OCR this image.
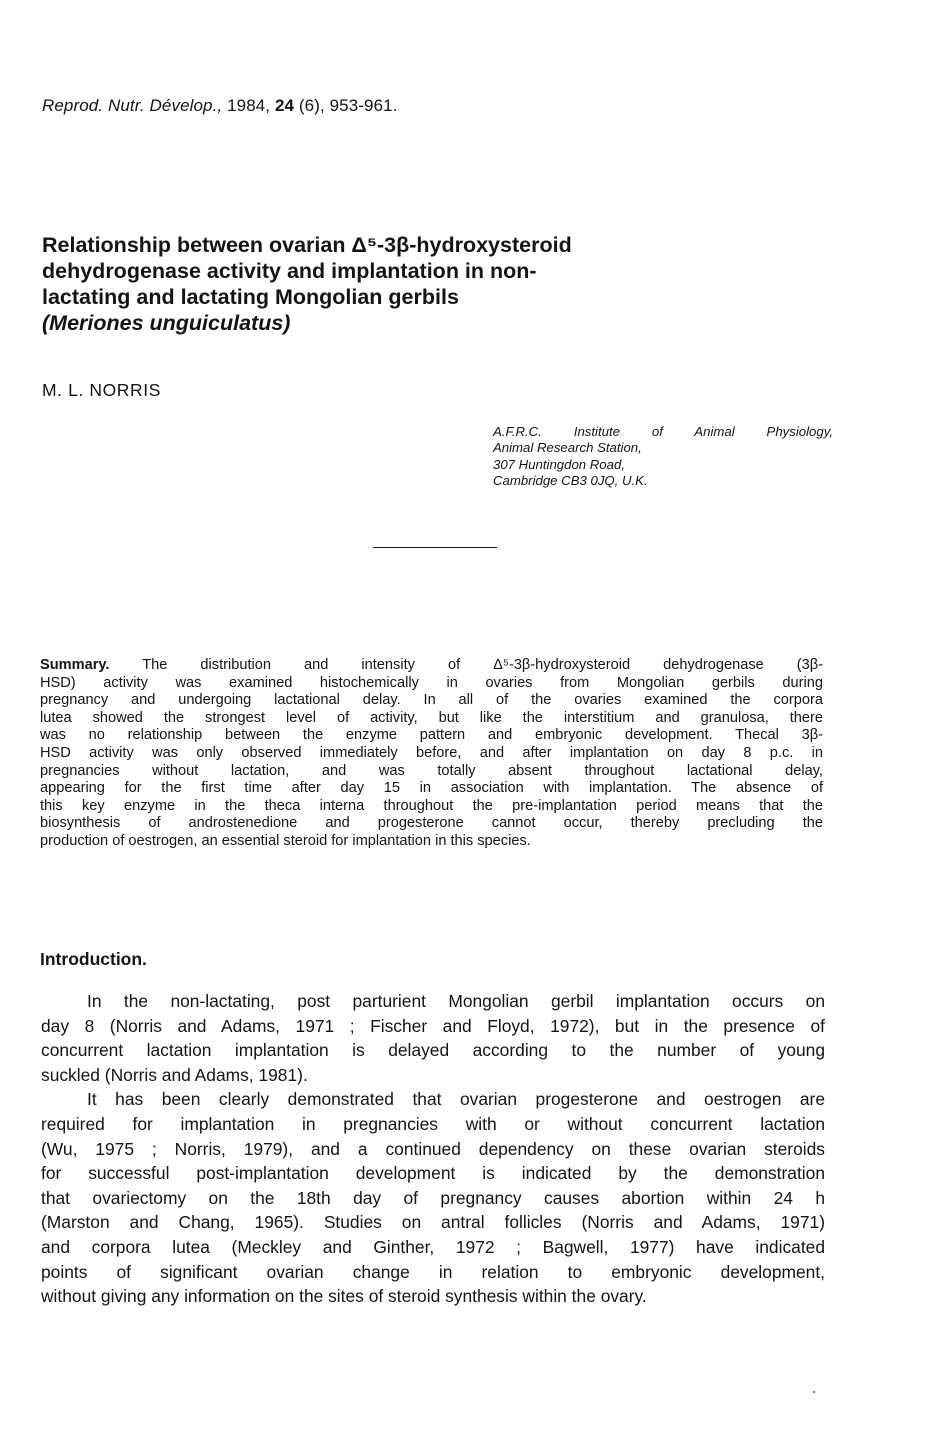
Reprod. Nutr. Dévelop., 1984, 24 (6), 953-961.
Relationship between ovarian Δ⁵-3β-hydroxysteroid
dehydrogenase activity and implantation in non-
lactating and lactating Mongolian gerbils
(Meriones unguiculatus)
M. L. NORRIS
A.F.R.C. Institute of Animal Physiology,
Animal Research Station,
307 Huntingdon Road,
Cambridge CB3 0JQ, U.K.
Summary. The distribution and intensity of Δ⁵-3β-hydroxysteroid dehydrogenase (3β-
HSD) activity was examined histochemically in ovaries from Mongolian gerbils during
pregnancy and undergoing lactational delay. In all of the ovaries examined the corpora
lutea showed the strongest level of activity, but like the interstitium and granulosa, there
was no relationship between the enzyme pattern and embryonic development. Thecal 3β-
HSD activity was only observed immediately before, and after implantation on day 8 p.c. in
pregnancies without lactation, and was totally absent throughout lactational delay,
appearing for the first time after day 15 in association with implantation. The absence of
this key enzyme in the theca interna throughout the pre-implantation period means that the
biosynthesis of androstenedione and progesterone cannot occur, thereby precluding the
production of oestrogen, an essential steroid for implantation in this species.
Introduction.
In the non-lactating, post parturient Mongolian gerbil implantation occurs on
day 8 (Norris and Adams, 1971 ; Fischer and Floyd, 1972), but in the presence of
concurrent lactation implantation is delayed according to the number of young
suckled (Norris and Adams, 1981).
It has been clearly demonstrated that ovarian progesterone and oestrogen are
required for implantation in pregnancies with or without concurrent lactation
(Wu, 1975 ; Norris, 1979), and a continued dependency on these ovarian steroids
for successful post-implantation development is indicated by the demonstration
that ovariectomy on the 18th day of pregnancy causes abortion within 24 h
(Marston and Chang, 1965). Studies on antral follicles (Norris and Adams, 1971)
and corpora lutea (Meckley and Ginther, 1972 ; Bagwell, 1977) have indicated
points of significant ovarian change in relation to embryonic development,
without giving any information on the sites of steroid synthesis within the ovary.
